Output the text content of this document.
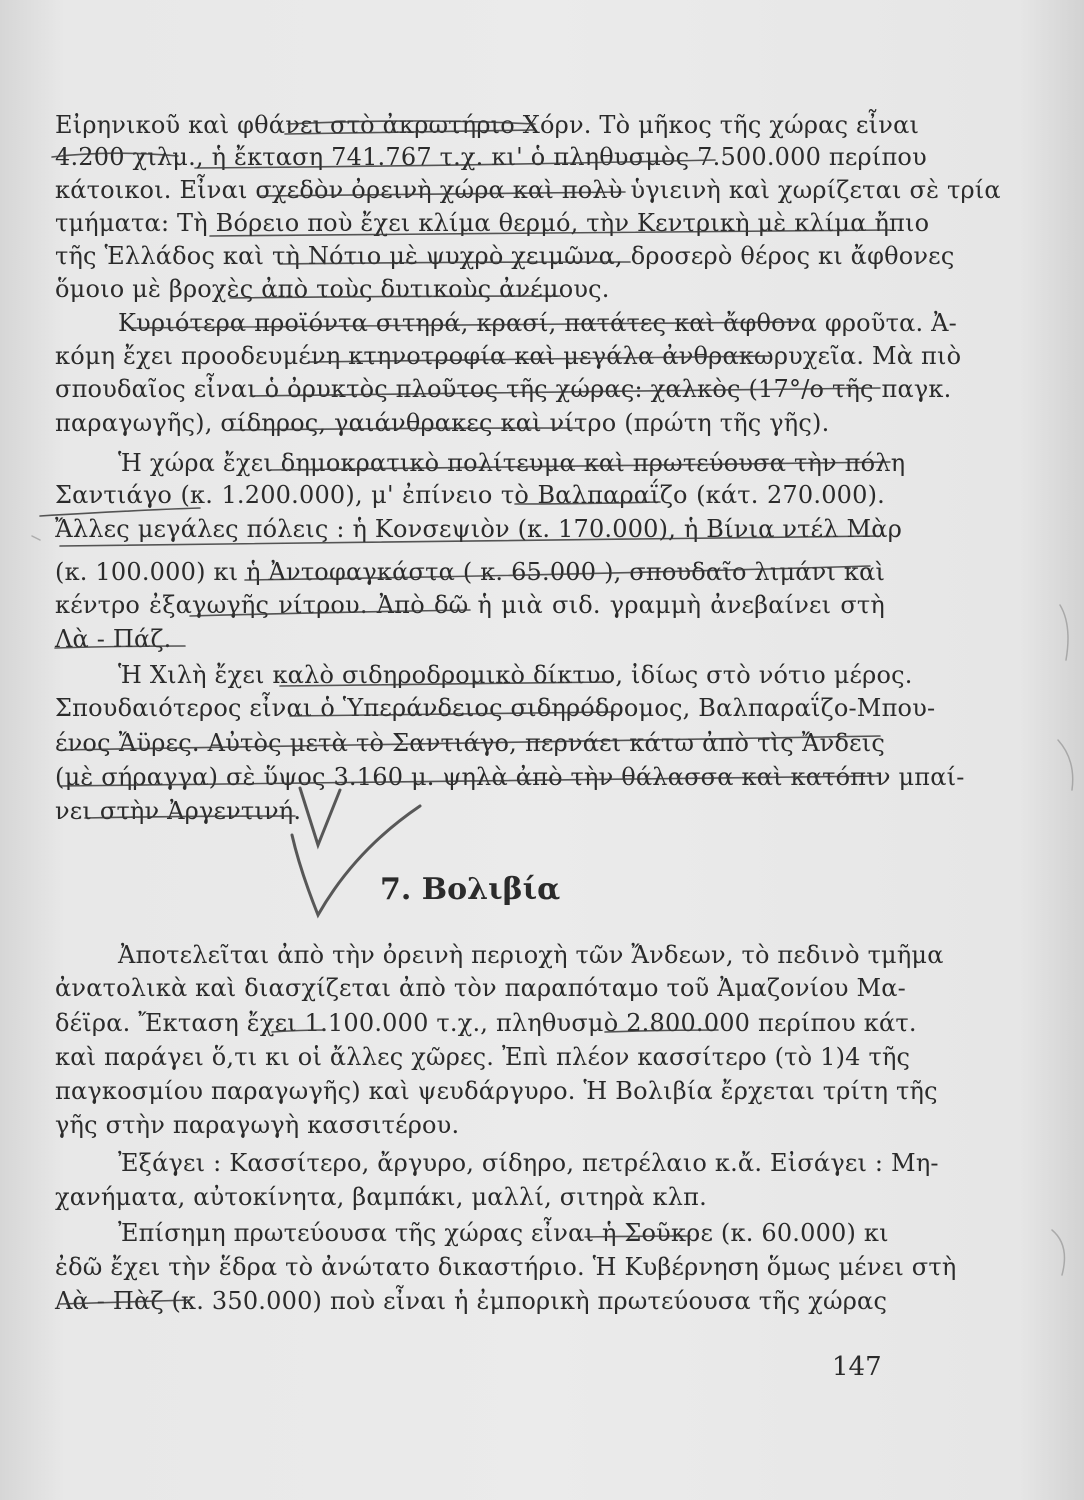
Εἰρηνικοῦ καὶ φθάνει στὸ ἀκρωτήριο Χόρν. Τὸ μῆκος τῆς χώρας εἶναι
4.200 χιλμ., ἡ ἔκταση 741.767 τ.χ. κι' ὁ πληθυσμὸς 7.500.000 περίπου
κάτοικοι. Εἶναι σχεδὸν ὀρεινὴ χώρα καὶ πολὺ ὑγιεινὴ καὶ χωρίζεται σὲ τρία
τμήματα: Τὴ Βόρειο ποὺ ἔχει κλίμα θερμό, τὴν Κεντρικὴ μὲ κλίμα ἤπιο
τῆς Ἑλλάδος καὶ τὴ Νότιο μὲ ψυχρὸ χειμῶνα, δροσερὸ θέρος κι ἄφθονες
ὅμοιο μὲ βροχὲς ἀπὸ τοὺς δυτικοὺς ἀνέμους.
Κυριότερα προϊόντα σιτηρά, κρασί, πατάτες καὶ ἄφθονα φροῦτα. Ἀ-
κόμη ἔχει προοδευμένη κτηνοτροφία καὶ μεγάλα ἀνθρακωρυχεῖα. Μὰ πιὸ
σπουδαῖος εἶναι ὁ ὀρυκτὸς πλοῦτος τῆς χώρας: χαλκὸς (17°/o τῆς παγκ.
παραγωγῆς), σίδηρος, γαιάνθρακες καὶ νίτρο (πρώτη τῆς γῆς).
Ἡ χώρα ἔχει δημοκρατικὸ πολίτευμα καὶ πρωτεύουσα τὴν πόλη
Σαντιάγο (κ. 1.200.000), μ' ἐπίνειο τὸ Βαλπαραΐζο (κάτ. 270.000).
Ἄλλες μεγάλες πόλεις : ἡ Κονσεψιὸν (κ. 170.000), ἡ Βίνια ντέλ Μὰρ
(κ. 100.000) κι ἡ Ἀντοφαγκάστα ( κ. 65.000 ), σπουδαῖο λιμάνι καὶ
κέντρο ἐξαγωγῆς νίτρου. Ἀπὸ δῶ ἡ μιὰ σιδ. γραμμὴ ἀνεβαίνει στὴ
Λὰ - Πάζ.
Ἡ Χιλὴ ἔχει καλὸ σιδηροδρομικὸ δίκτυο, ἰδίως στὸ νότιο μέρος.
Σπουδαιότερος εἶναι ὁ Ὑπεράνδειος σιδηρόδρομος, Βαλπαραΐζο-Μπου-
ένος Ἄϋρες. Αὐτὸς μετὰ τὸ Σαντιάγο, περνάει κάτω ἀπὸ τὶς Ἄνδεις
(μὲ σήραγγα) σὲ ὕψος 3.160 μ. ψηλὰ ἀπὸ τὴν θάλασσα καὶ κατόπιν μπαί-
νει στὴν Ἀργεντινή.
7. Βολιβία
Ἀποτελεῖται ἀπὸ τὴν ὀρεινὴ περιοχὴ τῶν Ἄνδεων, τὸ πεδινὸ τμῆμα
ἀνατολικὰ καὶ διασχίζεται ἀπὸ τὸν παραπόταμο τοῦ Ἀμαζονίου Μα-
δέϊρα. Ἔκταση ἔχει 1.100.000 τ.χ., πληθυσμὸ 2.800.000 περίπου κάτ.
καὶ παράγει ὅ,τι κι οἱ ἄλλες χῶρες. Ἐπὶ πλέον κασσίτερο (τὸ 1)4 τῆς
παγκοσμίου παραγωγῆς) καὶ ψευδάργυρο. Ἡ Βολιβία ἔρχεται τρίτη τῆς
γῆς στὴν παραγωγὴ κασσιτέρου.
Ἐξάγει : Κασσίτερο, ἄργυρο, σίδηρο, πετρέλαιο κ.ἄ. Εἰσάγει : Μη-
χανήματα, αὐτοκίνητα, βαμπάκι, μαλλί, σιτηρὰ κλπ.
Ἐπίσημη πρωτεύουσα τῆς χώρας εἶναι ἡ Σοῦκρε (κ. 60.000) κι
ἐδῶ ἔχει τὴν ἕδρα τὸ ἀνώτατο δικαστήριο. Ἡ Κυβέρνηση ὅμως μένει στὴ
Λὰ - Πὰζ (κ. 350.000) ποὺ εἶναι ἡ ἐμπορικὴ πρωτεύουσα τῆς χώρας
147
